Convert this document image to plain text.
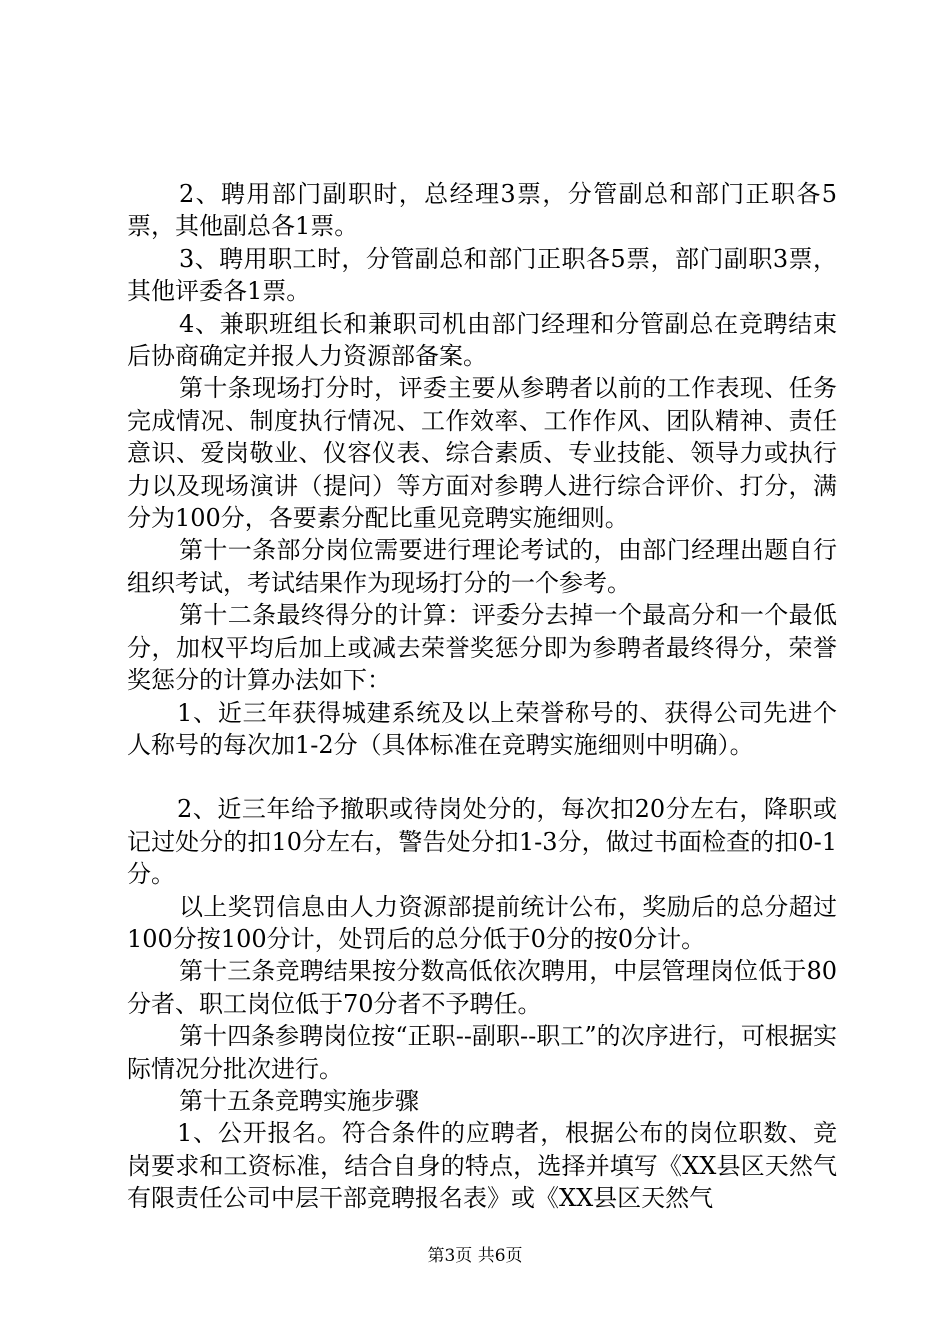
2、聘用部门副职时，总经理3票，分管副总和部门正职各5票，其他副总各1票。

3、聘用职工时，分管副总和部门正职各5票，部门副职3票，其他评委各1票。

4、兼职班组长和兼职司机由部门经理和分管副总在竞聘结束后协商确定并报人力资源部备案。

第十条现场打分时，评委主要从参聘者以前的工作表现、任务完成情况、制度执行情况、工作效率、工作作风、团队精神、责任意识、爱岗敬业、仪容仪表、综合素质、专业技能、领导力或执行力以及现场演讲（提问）等方面对参聘人进行综合评价、打分，满分为100分，各要素分配比重见竞聘实施细则。

第十一条部分岗位需要进行理论考试的，由部门经理出题自行组织考试，考试结果作为现场打分的一个参考。

第十二条最终得分的计算：评委分去掉一个最高分和一个最低分，加权平均后加上或减去荣誉奖惩分即为参聘者最终得分，荣誉奖惩分的计算办法如下：

1、近三年获得城建系统及以上荣誉称号的、获得公司先进个人称号的每次加1-2分（具体标准在竞聘实施细则中明确）。

2、近三年给予撤职或待岗处分的，每次扣20分左右，降职或记过处分的扣10分左右，警告处分扣1-3分，做过书面检查的扣0-1分。

以上奖罚信息由人力资源部提前统计公布，奖励后的总分超过100分按100分计，处罚后的总分低于0分的按0分计。

第十三条竞聘结果按分数高低依次聘用，中层管理岗位低于80分者、职工岗位低于70分者不予聘任。

第十四条参聘岗位按“正职--副职--职工”的次序进行，可根据实际情况分批次进行。

第十五条竞聘实施步骤

1、公开报名。符合条件的应聘者，根据公布的岗位职数、竞岗要求和工资标准，结合自身的特点，选择并填写《XX县区天然气有限责任公司中层干部竞聘报名表》或《XX县区天然气

第3页 共6页
